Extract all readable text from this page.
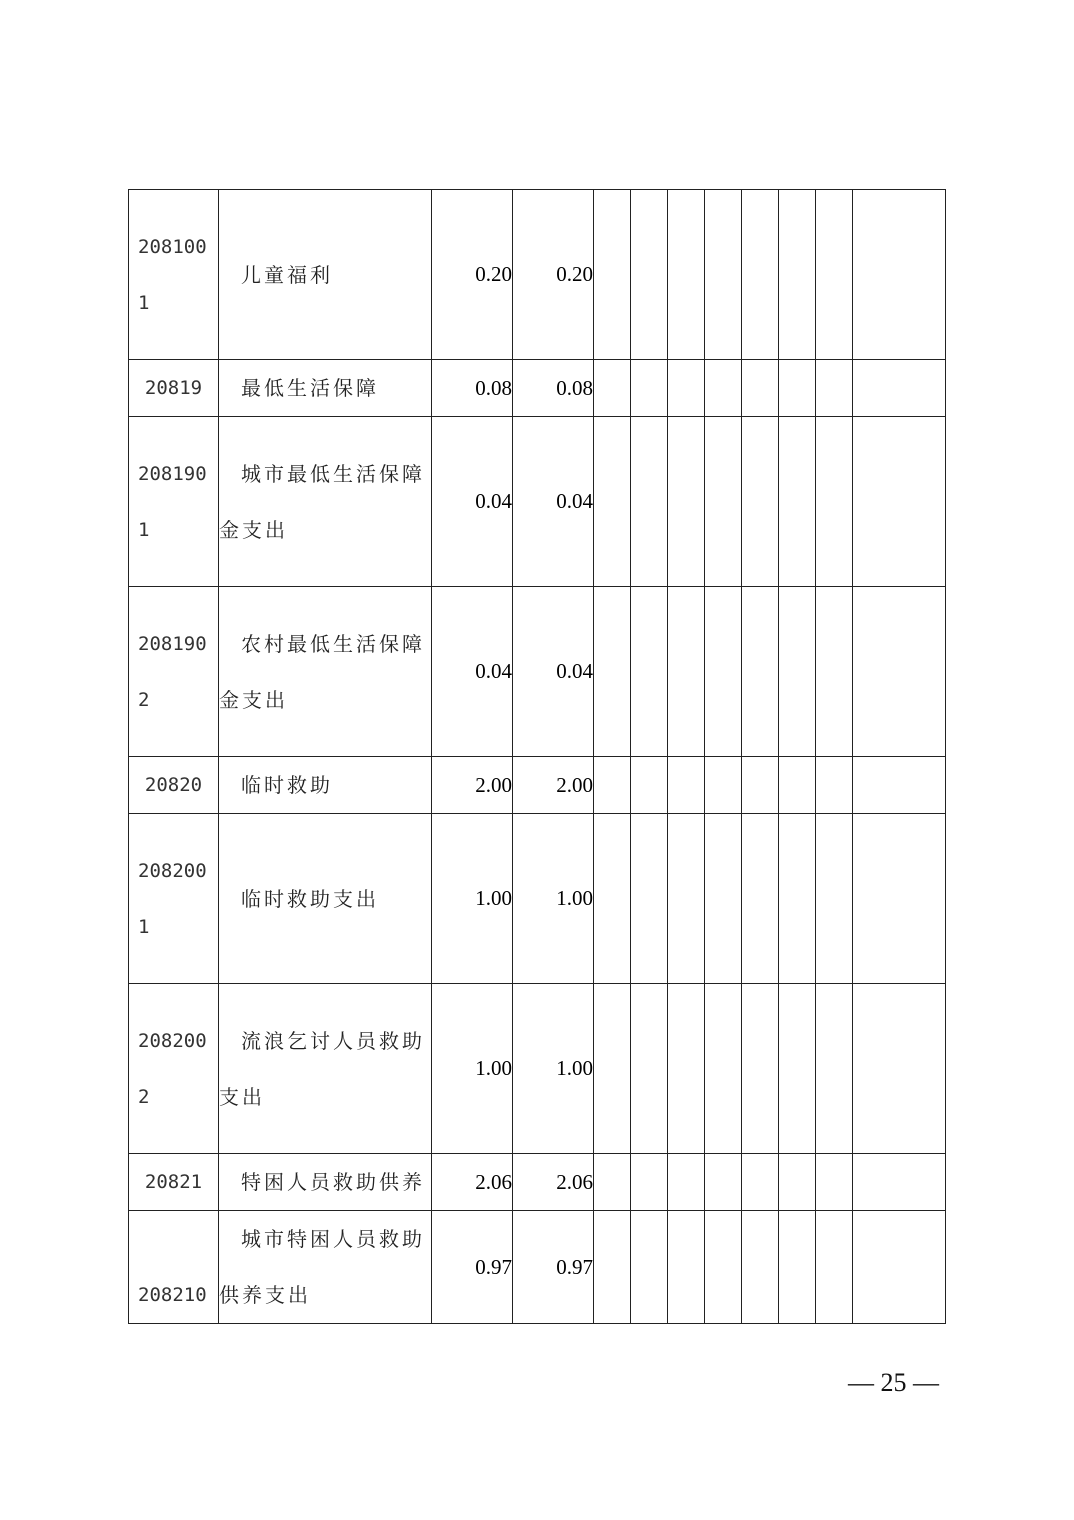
2081001	儿童福利	0.20	0.20								
20819	最低生活保障	0.08	0.08								
2081901	城市最低生活保障金支出	0.04	0.04								
2081902	农村最低生活保障金支出	0.04	0.04								
20820	临时救助	2.00	2.00								
2082001	临时救助支出	1.00	1.00								
2082002	流浪乞讨人员救助支出	1.00	1.00								
20821	特困人员救助供养	2.06	2.06								
208210	城市特困人员救助供养支出	0.97	0.97								
— 25 —
